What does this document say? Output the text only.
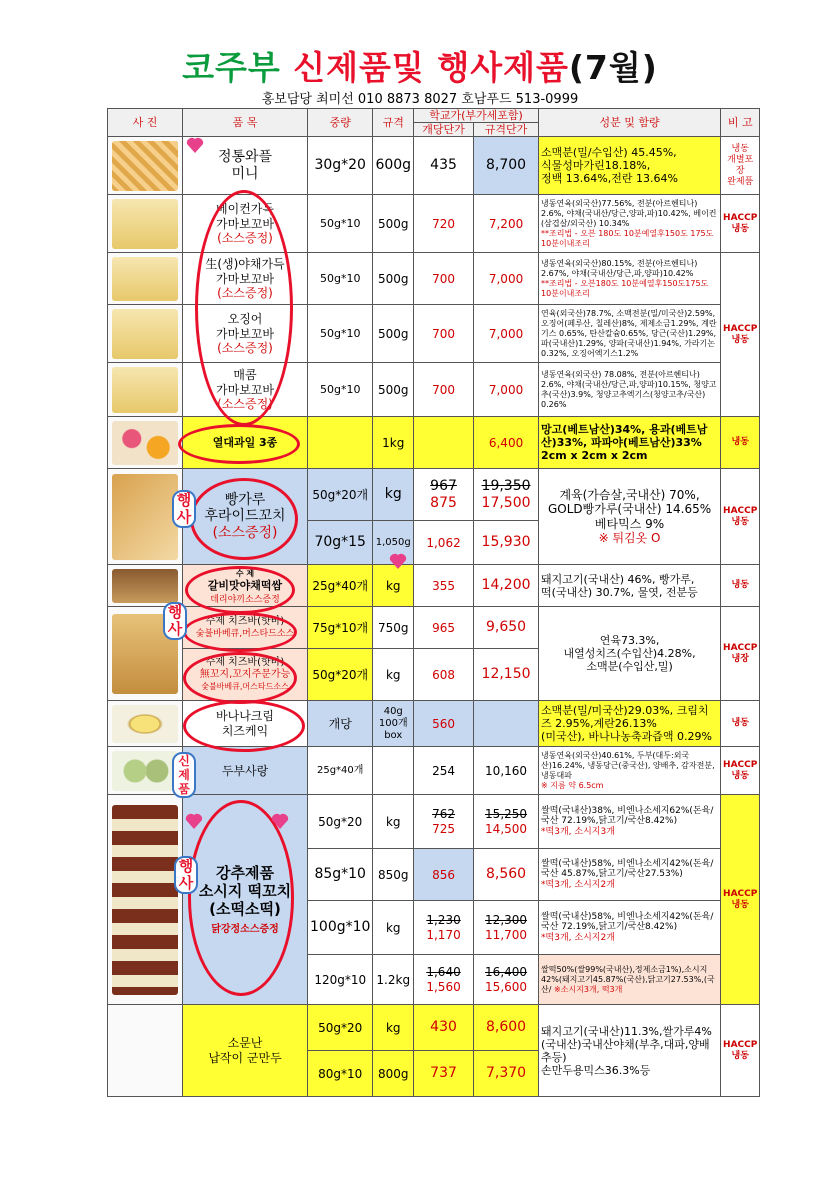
코주부 신제품및 행사제품(7월)
홍보담당 최미선 010 8873 8027 호남푸드 513-0999
사 진	품 목	중량	규격	학교가(부가세포함)		성분 및 함량	비 고
				개당단가	규격단가		

	정통와플
미니	30g*20	600g	435	8,700	소맥분(밀/수입산) 45.45%,
식물성마가린18.18%,
정백 13.64%,전란 13.64%	냉동
개별포장
완제품

	베이컨가득
가마보꼬바
(소스증정)	50g*10	500g	720	7,200	냉동연육(외국산)77.56%, 전분(아르헨티나) 2.6%, 야채(국내산/당근,양파,파)10.42%, 베이컨(삼겹살/외국산) 10.34%
**조리법 - 오븐 180도 10분예열후150도 175도 10분이내조리	HACCP
냉동

	生(생)야채가득
가마보꼬바
(소스증정)	50g*10	500g	700	7,000	냉동연육(외국산)80.15%, 전분(아르헨티나) 2.67%, 야채(국내산/당근,파,양파)10.42%
**조리법 - 오븐180도 10분예열후150도175도 10분이내조리	HACCP
냉동

	오징어
가마보꼬바
(소스증정)	50g*10	500g	700	7,000	연육(외국산)78.7%, 소맥전분(밀/미국산)2.59%, 오징어(페루산, 칠레산)8%, 제제소금1.29%, 계란기스 0.65%, 탄산칼슘0.65%, 당근(국산)1.29%, 파(국내산)1.29%, 양파(국내산)1.94%, 가라기논0.32%, 오징어엑기스1.2%	

	매콤
가마보꼬바
(소스증정)	50g*10	500g	700	7,000	냉동연육(외국산) 78.08%, 전분(아르헨티나) 2.6%, 야채(국내산/당근,파,양파)10.15%, 청양고추(국산)3.9%, 청양고추엑기스(청양고추/국산) 0.26%	

	열대과일 3종		1kg		6,400	망고(베트남산)34%, 용과(베트남산)33%, 파파야(베트남산)33%
2cm x 2cm x 2cm	냉동

	빵가루
후라이드꼬치
(소스증정)	50g*20개	kg	967
875	19,350
17,500	계육(가슴살,국내산) 70%,
GOLD빵가루(국내산) 14.65%
베타믹스 9%
※ 튀김옷 O	HACCP
냉동
		70g*15	1,050g	1,062	15,930		

	수 제
갈비맛야채떡쌈
데리야끼소스증정	25g*40개	kg	355	14,200	돼지고기(국내산) 46%, 빵가루,
떡(국내산) 30.7%, 물엿, 전분등	냉동

	수제 치즈바(핫바)
숯불바베큐,머스타드소스	75g*10개	750g	965	9,650	연육73.3%,
내열성치즈(수입산)4.28%,
소맥분(수입산,밀)	HACCP
냉장
	수제 치즈바(핫바)
無꼬지,꼬지주문가능
숯불바베큐,머스타드소스	50g*20개	kg	608	12,150		

	바나나크림
치즈케익	개당	40g
100개
box	560		소맥분(밀/미국산)29.03%, 크림치즈 2.95%,계란26.13%
(미국산), 바나나농축과즙액 0.29%	냉동

	두부사랑	25g*40개		254	10,160	냉동연육(외국산)40.61%, 두부(대두:외국산)16.24%, 냉동당근(중국산), 양배추, 감자전분,냉동대파
※ 지름 약 6.5cm	HACCP
냉동

	강추제품
소시지 떡꼬치
(소떡소떡)
닭강정소스증정	50g*20	kg	762
725	15,250
14,500	쌀떡(국내산)38%, 비엔나소세지62%(돈육/국산 72.19%,닭고기/국산8.42%)
*떡3개, 소시지3개	HACCP
냉동
		85g*10	850g	856	8,560	쌀떡(국내산)58%, 비엔나소세지42%(돈육/국산 45.87%,닭고기/국산27.53%)
*떡3개, 소시지2개	
		100g*10	kg	1,230
1,170	12,300
11,700	쌀떡(국내산)58%, 비엔나소세지42%(돈육/국산 72.19%,닭고기/국산8.42%)
*떡3개, 소시지2개	
		120g*10	1.2kg	1,640
1,560	16,400
15,600	쌀떡50%(쌀99%(국내산),정제소금1%),소시지42%(돼지고기45.87%(국산),닭고기27.53%,(국산/ ※소시지3개, 떡3개	
	소문난
납작이 군만두	50g*20	kg	430	8,600	돼지고기(국내산)11.3%,쌀가루4%(국내산)국내산야채(부추,대파,양배추등)
손만두용믹스36.3%등	HACCP
냉동
		80g*10	800g	737	7,370		
행
사
행
사
신
제
품
행
사
